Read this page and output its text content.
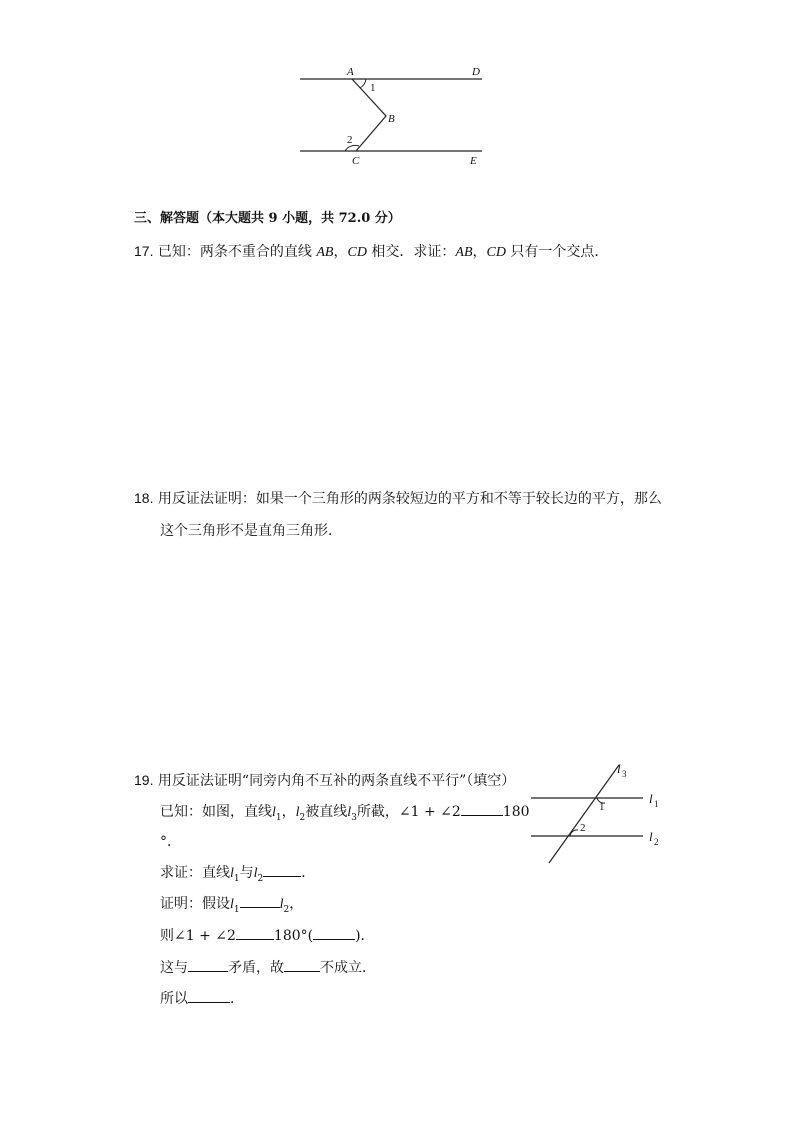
A	D
1
B
2
C	E
三、解答题（本大题共 9 小题，共 72.0 分）
17. 已知：两条不重合的直线 AB，CD 相交．求证：AB，CD 只有一个交点．
18. 用反证法证明：如果一个三角形的两条较短边的平方和不等于较长边的平方，那么
这个三角形不是直角三角形．
19. 用反证法证明“同旁内角不互补的两条直线不平行”（填空）
已知：如图，直线$l_1$，$l_2$被直线$l_3$所截，∠1 + ∠2	180
°．
求证：直线$l_1$与$l_2$	．
证明：假设$l_1$	$l_2$，
则∠1 + ∠2	180°(	)．
这与	矛盾，故	不成立．
所以	．
l 3
l 1
l 2
1
2
